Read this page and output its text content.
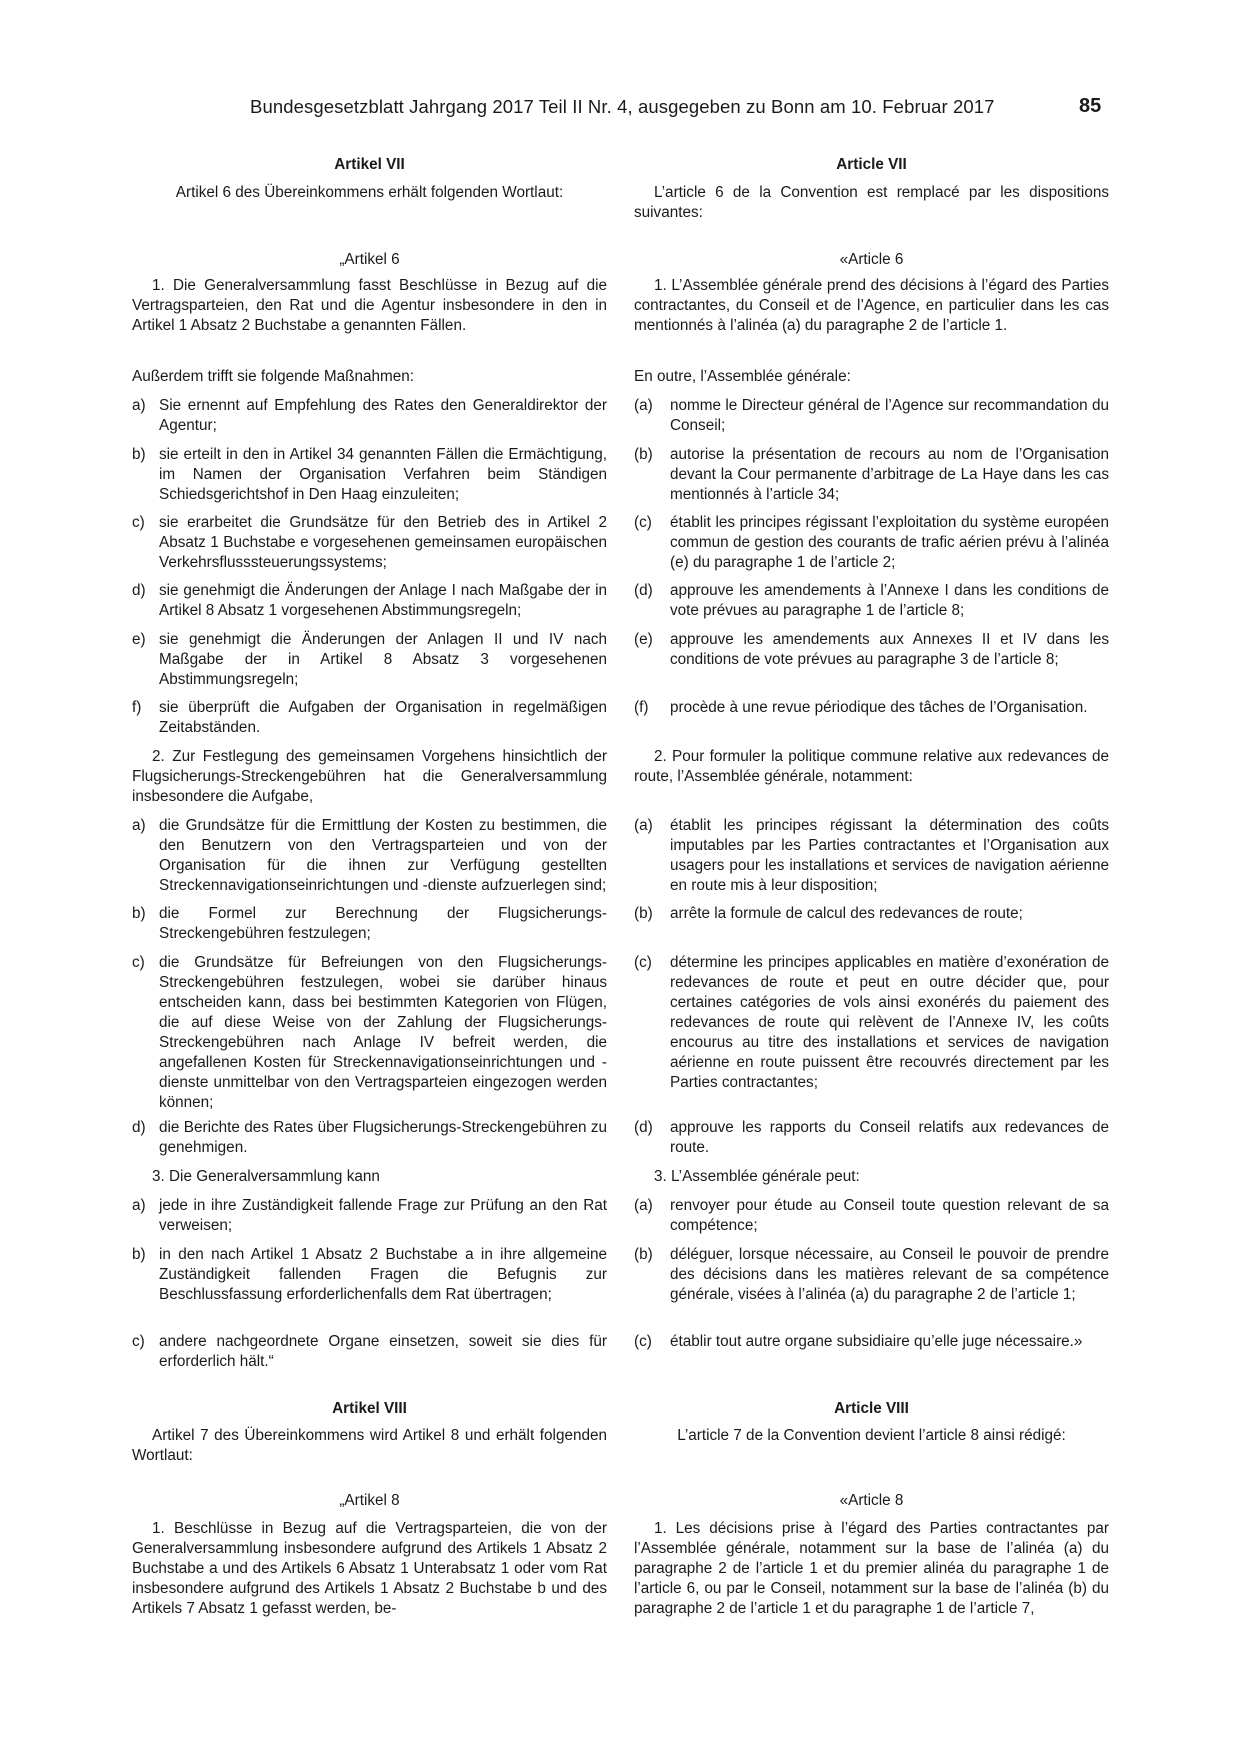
Bundesgesetzblatt Jahrgang 2017 Teil II Nr. 4, ausgegeben zu Bonn am 10. Februar 2017	85
Artikel VII
Artikel 6 des Übereinkommens erhält folgenden Wortlaut:
„Artikel 6
1. Die Generalversammlung fasst Beschlüsse in Bezug auf die Vertragsparteien, den Rat und die Agentur insbesondere in den in Artikel 1 Absatz 2 Buchstabe a genannten Fällen.
Außerdem trifft sie folgende Maßnahmen:
a) Sie ernennt auf Empfehlung des Rates den Generaldirektor der Agentur;
b) sie erteilt in den in Artikel 34 genannten Fällen die Ermächtigung, im Namen der Organisation Verfahren beim Ständigen Schiedsgerichtshof in Den Haag einzuleiten;
c) sie erarbeitet die Grundsätze für den Betrieb des in Artikel 2 Absatz 1 Buchstabe e vorgesehenen gemeinsamen europäischen Verkehrsflusssteuerungssystems;
d) sie genehmigt die Änderungen der Anlage I nach Maßgabe der in Artikel 8 Absatz 1 vorgesehenen Abstimmungsregeln;
e) sie genehmigt die Änderungen der Anlagen II und IV nach Maßgabe der in Artikel 8 Absatz 3 vorgesehenen Abstimmungsregeln;
f)	sie überprüft die Aufgaben der Organisation in regelmäßigen Zeitabständen.
2. Zur Festlegung des gemeinsamen Vorgehens hinsichtlich der Flugsicherungs-Streckengebühren hat die Generalversammlung insbesondere die Aufgabe,
a) die Grundsätze für die Ermittlung der Kosten zu bestimmen, die den Benutzern von den Vertragsparteien und von der Organisation für die ihnen zur Verfügung gestellten Streckennavigationseinrichtungen und -dienste aufzuerlegen sind;
b) die Formel zur Berechnung der Flugsicherungs-Streckengebühren festzulegen;
c) die Grundsätze für Befreiungen von den Flugsicherungs-Streckengebühren festzulegen, wobei sie darüber hinaus entscheiden kann, dass bei bestimmten Kategorien von Flügen, die auf diese Weise von der Zahlung der Flugsicherungs-Streckengebühren nach Anlage IV befreit werden, die angefallenen Kosten für Streckennavigationseinrichtungen und -dienste unmittelbar von den Vertragsparteien eingezogen werden können;
d) die Berichte des Rates über Flugsicherungs-Streckengebühren zu genehmigen.
3. Die Generalversammlung kann
a) jede in ihre Zuständigkeit fallende Frage zur Prüfung an den Rat verweisen;
b) in den nach Artikel 1 Absatz 2 Buchstabe a in ihre allgemeine Zuständigkeit fallenden Fragen die Befugnis zur Beschlussfassung erforderlichenfalls dem Rat übertragen;
c) andere nachgeordnete Organe einsetzen, soweit sie dies für erforderlich hält.“
Artikel VIII
Artikel 7 des Übereinkommens wird Artikel 8 und erhält folgenden Wortlaut:
„Artikel 8
1. Beschlüsse in Bezug auf die Vertragsparteien, die von der Generalversammlung insbesondere aufgrund des Artikels 1 Absatz 2 Buchstabe a und des Artikels 6 Absatz 1 Unterabsatz 1 oder vom Rat insbesondere aufgrund des Artikels 1 Absatz 2 Buchstabe b und des Artikels 7 Absatz 1 gefasst werden, be-
Article VII
L’article 6 de la Convention est remplacé par les dispositions suivantes:
«Article 6
1. L’Assemblée générale prend des décisions à l’égard des Parties contractantes, du Conseil et de l’Agence, en particulier dans les cas mentionnés à l’alinéa (a) du paragraphe 2 de l’article 1.
En outre, l’Assemblée générale:
(a)	nomme le Directeur général de l’Agence sur recommandation du Conseil;
(b)	autorise la présentation de recours au nom de l’Organisation devant la Cour permanente d’arbitrage de La Haye dans les cas mentionnés à l’article 34;
(c)	établit les principes régissant l’exploitation du système européen commun de gestion des courants de trafic aérien prévu à l’alinéa (e) du paragraphe 1 de l’article 2;
(d)	approuve les amendements à l’Annexe I dans les conditions de vote prévues au paragraphe 1 de l’article 8;
(e)	approuve les amendements aux Annexes II et IV dans les conditions de vote prévues au paragraphe 3 de l’article 8;
(f)	procède à une revue périodique des tâches de l’Organisation.
2. Pour formuler la politique commune relative aux redevances de route, l’Assemblée générale, notamment:
(a)	établit les principes régissant la détermination des coûts imputables par les Parties contractantes et l’Organisation aux usagers pour les installations et services de navigation aérienne en route mis à leur disposition;
(b)	arrête la formule de calcul des redevances de route;
(c)	détermine les principes applicables en matière d’exonération de redevances de route et peut en outre décider que, pour certaines catégories de vols ainsi exonérés du paiement des redevances de route qui relèvent de l’Annexe IV, les coûts encourus au titre des installations et services de navigation aérienne en route puissent être recouvrés directement par les Parties contractantes;
(d)	approuve les rapports du Conseil relatifs aux redevances de route.
3. L’Assemblée générale peut:
(a)	renvoyer pour étude au Conseil toute question relevant de sa compétence;
(b)	déléguer, lorsque nécessaire, au Conseil le pouvoir de prendre des décisions dans les matières relevant de sa compétence générale, visées à l’alinéa (a) du paragraphe 2 de l’article 1;
(c)	établir tout autre organe subsidiaire qu’elle juge nécessaire.»
Article VIII
L’article 7 de la Convention devient l’article 8 ainsi rédigé:
«Article 8
1. Les décisions prise à l’égard des Parties contractantes par l’Assemblée générale, notamment sur la base de l’alinéa (a) du paragraphe 2 de l’article 1 et du premier alinéa du paragraphe 1 de l’article 6, ou par le Conseil, notamment sur la base de l’alinéa (b) du paragraphe 2 de l’article 1 et du paragraphe 1 de l’article 7,
